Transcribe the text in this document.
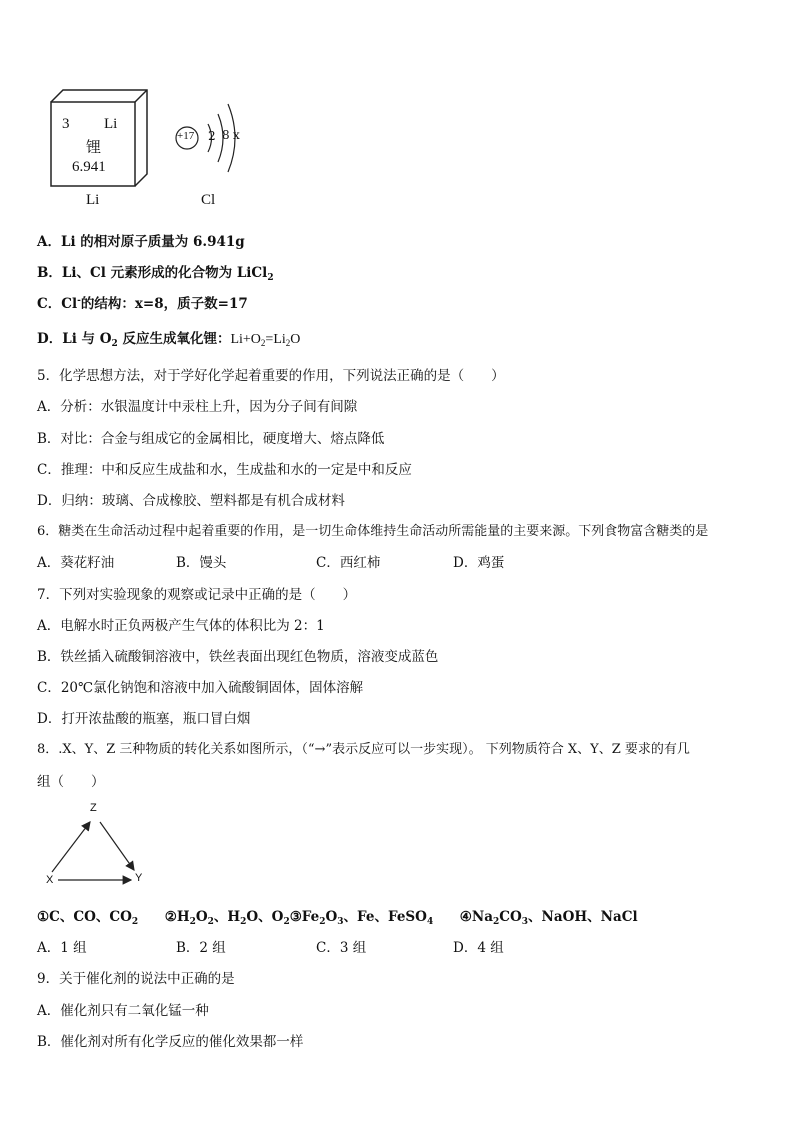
3 Li
锂
6.941
Li
+17 2 8 x
Cl
A．Li 的相对原子质量为 6.941g
B．Li、Cl 元素形成的化合物为 LiCl$_2$
C．Cl-的结构：x=8，质子数=17
D．Li 与 $O_2$ 反应生成氧化锂：$Li+O_2=Li_2O$
5．化学思想方法，对于学好化学起着重要的作用，下列说法正确的是（　　）
A．分析：水银温度计中汞柱上升，因为分子间有间隙
B．对比：合金与组成它的金属相比，硬度增大、熔点降低
C．推理：中和反应生成盐和水，生成盐和水的一定是中和反应
D．归纳：玻璃、合成橡胶、塑料都是有机合成材料
6．糖类在生命活动过程中起着重要的作用，是一切生命体维持生命活动所需能量的主要来源。下列食物富含糖类的是
A．葵花籽油	B．馒头	C．西红柿	D．鸡蛋
7．下列对实验现象的观察或记录中正确的是（　　）
A．电解水时正负两极产生气体的体积比为 2：1
B．铁丝插入硫酸铜溶液中，铁丝表面出现红色物质，溶液变成蓝色
C．20℃氯化钠饱和溶液中加入硫酸铜固体，固体溶解
D．打开浓盐酸的瓶塞，瓶口冒白烟
8．.X、Y、Z 三种物质的转化关系如图所示，（“→”表示反应可以一步实现）。 下列物质符合 X、Y、Z 要求的有几
组（　　）
Z
X	Y
①C、CO、$CO_2$ $②H_2O_2$、$H_2O$、$O_2③Fe_2O_3$、Fe、FeSO$_4$ $④Na_2CO_3$、NaOH、NaCl
A．1 组	B．2 组	C．3 组	D．4 组
9．关于催化剂的说法中正确的是
A．催化剂只有二氧化锰一种
B．催化剂对所有化学反应的催化效果都一样
